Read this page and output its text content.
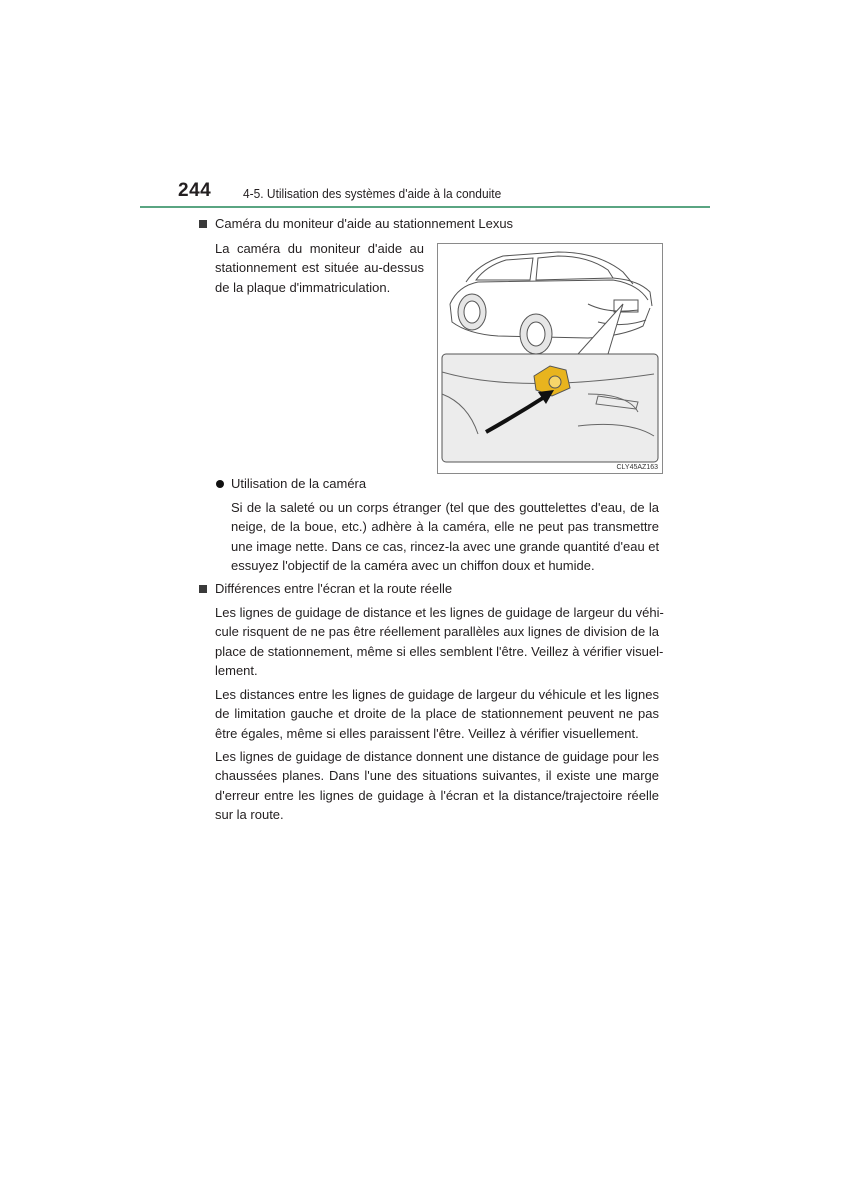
244 4-5. Utilisation des systèmes d'aide à la conduite
Caméra du moniteur d'aide au stationnement Lexus
La caméra du moniteur d'aide au
stationnement est située au-dessus
de la plaque d'immatriculation.
CLY45AZ163
Utilisation de la caméra
Si de la saleté ou un corps étranger (tel que des gouttelettes d'eau, de la
neige, de la boue, etc.) adhère à la caméra, elle ne peut pas transmettre
une image nette. Dans ce cas, rincez-la avec une grande quantité d'eau et
essuyez l'objectif de la caméra avec un chiffon doux et humide.
Différences entre l'écran et la route réelle
Les lignes de guidage de distance et les lignes de guidage de largeur du véhi-
cule risquent de ne pas être réellement parallèles aux lignes de division de la
place de stationnement, même si elles semblent l'être. Veillez à vérifier visuel-
lement.
Les distances entre les lignes de guidage de largeur du véhicule et les lignes
de limitation gauche et droite de la place de stationnement peuvent ne pas
être égales, même si elles paraissent l'être. Veillez à vérifier visuellement.
Les lignes de guidage de distance donnent une distance de guidage pour les
chaussées planes. Dans l'une des situations suivantes, il existe une marge
d'erreur entre les lignes de guidage à l'écran et la distance/trajectoire réelle
sur la route.
